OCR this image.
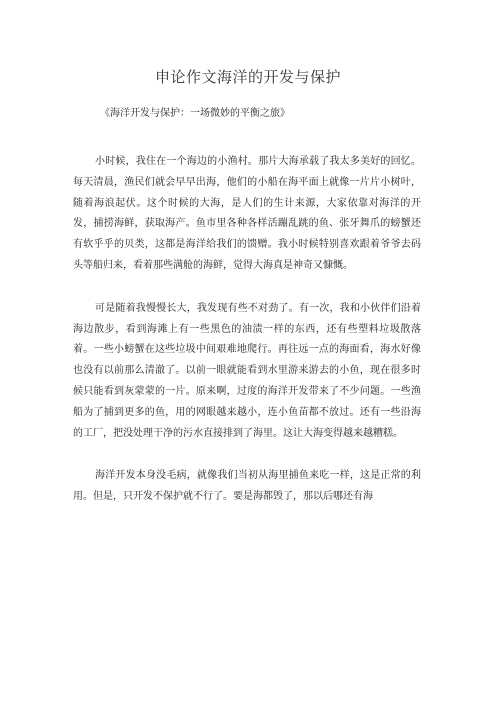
申论作文海洋的开发与保护
《海洋开发与保护：一场微妙的平衡之旅》

小时候，我住在一个海边的小渔村。那片大海承载了我太多美好的回忆。每天清晨，渔民们就会早早出海，他们的小船在海平面上就像一片片小树叶，随着海浪起伏。这个时候的大海，是人们的生计来源，大家依靠对海洋的开发，捕捞海鲜，获取海产。鱼市里各种各样活蹦乱跳的鱼、张牙舞爪的螃蟹还有软乎乎的贝类，这都是海洋给我们的馈赠。我小时候特别喜欢跟着爷爷去码头等船归来，看着那些满舱的海鲜，觉得大海真是神奇又慷慨。

可是随着我慢慢长大，我发现有些不对劲了。有一次，我和小伙伴们沿着海边散步，看到海滩上有一些黑色的油渍一样的东西，还有些塑料垃圾散落着。一些小螃蟹在这些垃圾中间艰难地爬行。再往远一点的海面看，海水好像也没有以前那么清澈了。以前一眼就能看到水里游来游去的小鱼，现在很多时候只能看到灰蒙蒙的一片。原来啊，过度的海洋开发带来了不少问题。一些渔船为了捕到更多的鱼，用的网眼越来越小，连小鱼苗都不放过。还有一些沿海的工厂，把没处理干净的污水直接排到了海里。这让大海变得越来越糟糕。

海洋开发本身没毛病，就像我们当初从海里捕鱼来吃一样，这是正常的利用。但是，只开发不保护就不行了。要是海都毁了，那以后哪还有海
